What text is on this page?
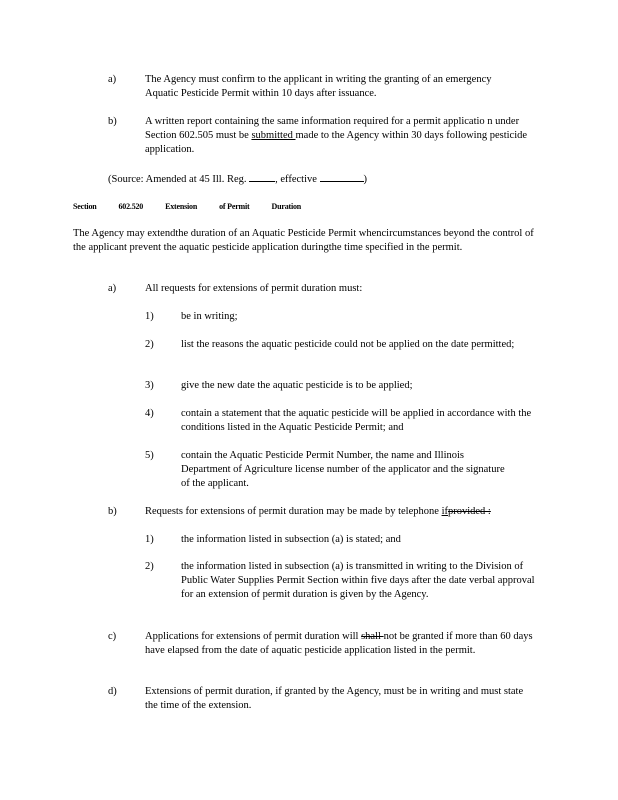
a)	The Agency must confirm to the applicant in writing the granting of an emergency Aquatic Pesticide Permit within 10 days after issuance.
b)	A written report containing the same information required for a permit applicatio n under Section 602.505 must be submitted made to the Agency within 30 days following pesticide application.
(Source: Amended at 45 Ill. Reg. , effective	)
Section	602.520	Extension	of Permit	Duration
The Agency may extendthe duration of an Aquatic Pesticide Permit whencircumstances beyond the control of the applicant prevent the aquatic pesticide application duringthe time specified in the permit.
a)	All requests for extensions of permit duration must:
1)	be in writing;
2)	list the reasons the aquatic pesticide could not be applied on the date permitted;
3)	give the new date the aquatic pesticide is to be applied;
4)	contain a statement that the aquatic pesticide will be applied in accordance with the conditions listed in the Aquatic Pesticide Permit; and
5)	contain the Aquatic Pesticide Permit Number, the name and Illinois Department of Agriculture license number of the applicator and the signature of the applicant.
b)	Requests for extensions of permit duration may be made by telephone ifprovided :
1)	the information listed in subsection (a) is stated; and
2)	the information listed in subsection (a) is transmitted in writing to the Division of Public Water Supplies Permit Section within five days after the date verbal approval for an extension of permit duration is given by the Agency.
c)	Applications for extensions of permit duration will shall not be granted if more than 60 days have elapsed from the date of aquatic pesticide application listed in the permit.
d)	Extensions of permit duration, if granted by the Agency, must be in writing and must state the time of the extension.
